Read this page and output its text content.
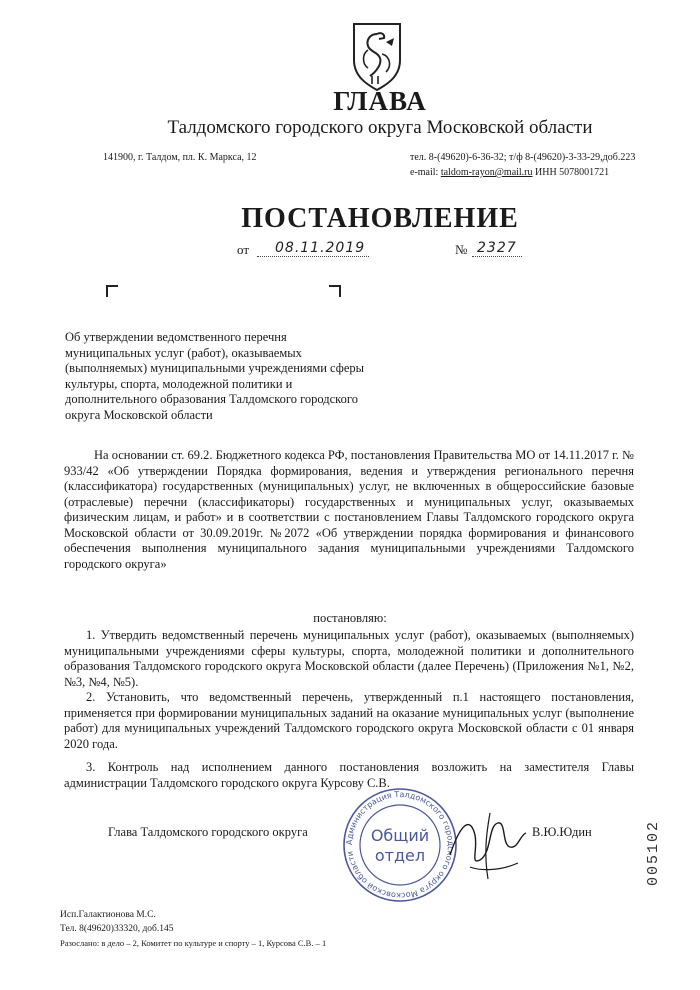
ГЛАВА
Талдомского городского округа Московской области
141900, г. Талдом, пл. К. Маркса, 12	тел. 8-(49620)-6-36-32; т/ф 8-(49620)-3-33-29,доб.223
e-mail: taldom-rayon@mail.ru ИНН 5078001721
ПОСТАНОВЛЕНИЕ
от 08.11.2019	№ 2327
Об утверждении ведомственного перечня муниципальных услуг (работ), оказываемых (выполняемых) муниципальными учреждениями сферы культуры, спорта, молодежной политики и дополнительного образования Талдомского городского округа Московской области
На основании ст. 69.2. Бюджетного кодекса РФ, постановления Правительства МО от 14.11.2017 г. № 933/42 «Об утверждении Порядка формирования, ведения и утверждения регионального перечня (классификатора) государственных (муниципальных) услуг, не включенных в общероссийские базовые (отраслевые) перечни (классификаторы) государственных и муниципальных услуг, оказываемых физическим лицам, и работ» и в соответствии с постановлением Главы Талдомского городского округа Московской области от 30.09.2019г. №2072 «Об утверждении порядка формирования и финансового обеспечения выполнения муниципального задания муниципальными учреждениями Талдомского городского округа»
постановляю:
1. Утвердить ведомственный перечень муниципальных услуг (работ), оказываемых (выполняемых) муниципальными учреждениями сферы культуры, спорта, молодежной политики и дополнительного образования Талдомского городского округа Московской области (далее Перечень) (Приложения №1, №2, №3, №4, №5).
2. Установить, что ведомственный перечень, утвержденный п.1 настоящего постановления, применяется при формировании муниципальных заданий на оказание муниципальных услуг (выполнение работ) для муниципальных учреждений Талдомского городского округа Московской области с 01 января 2020 года.
3. Контроль над исполнением данного постановления возложить на заместителя Главы администрации Талдомского городского округа Курсову С.В.
Администрация Талдомского городского округа Московской области
Общий
отдел
Глава Талдомского городского округа	В.Ю.Юдин	005102
Исп.Галактионова М.С.
Тел. 8(49620)33320, доб.145
Разослано: в дело – 2, Комитет по культуре и спорту – 1, Курсова С.В. – 1
